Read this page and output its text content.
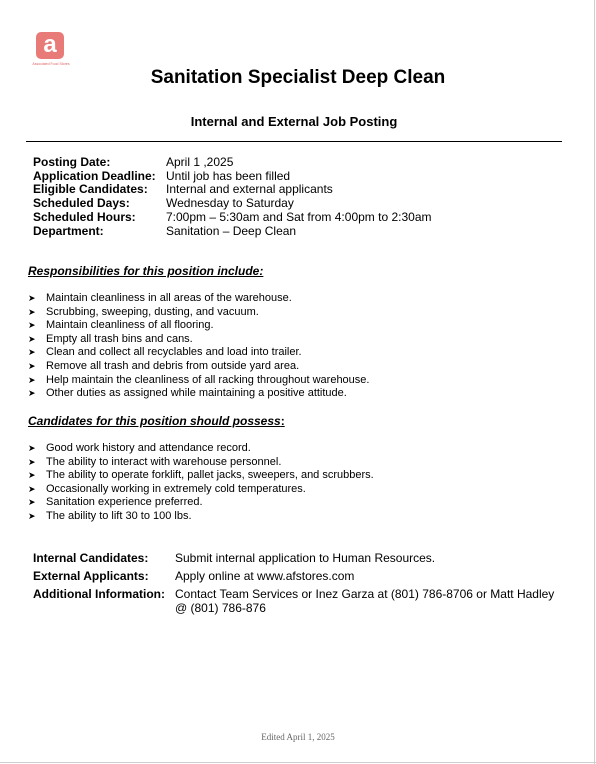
a
Associated Food Stores
Sanitation Specialist Deep Clean
Internal and External Job Posting
Posting Date:	April 1 ,2025
Application Deadline: Until job has been filled
Eligible Candidates:	Internal and external applicants
Scheduled Days:	Wednesday to Saturday
Scheduled Hours:	7:00pm – 5:30am and Sat from 4:00pm to 2:30am
Department:	Sanitation – Deep Clean
Responsibilities for this position include:
➤ Maintain cleanliness in all areas of the warehouse.
➤ Scrubbing, sweeping, dusting, and vacuum.
➤ Maintain cleanliness of all flooring.
➤ Empty all trash bins and cans.
➤ Clean and collect all recyclables and load into trailer.
➤ Remove all trash and debris from outside yard area.
➤ Help maintain the cleanliness of all racking throughout warehouse.
➤ Other duties as assigned while maintaining a positive attitude.
Candidates for this position should possess:
➤ Good work history and attendance record.
➤ The ability to interact with warehouse personnel.
➤ The ability to operate forklift, pallet jacks, sweepers, and scrubbers.
➤ Occasionally working in extremely cold temperatures.
➤ Sanitation experience preferred.
➤ The ability to lift 30 to 100 lbs.
Internal Candidates:	Submit internal application to Human Resources.
External Applicants:	Apply online at www.afstores.com
Additional Information: Contact Team Services or Inez Garza at (801) 786-8706 or Matt Hadley @ (801) 786-876
Edited April 1, 2025
